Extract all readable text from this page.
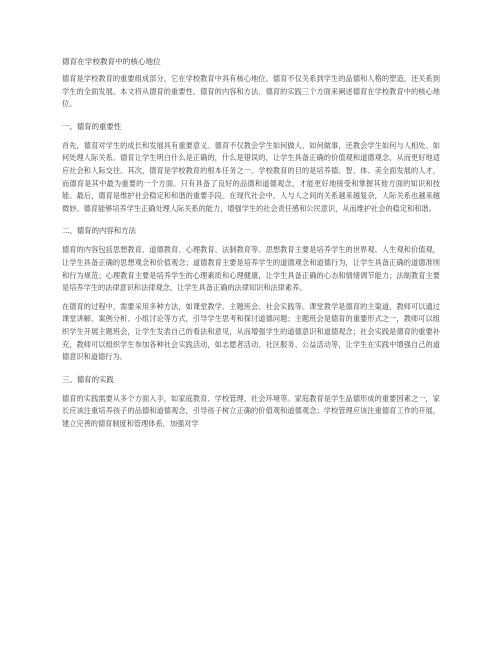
德育在学校教育中的核心地位
德育是学校教育的重要组成部分，它在学校教育中具有核心地位。德育不仅关系到学生的品德和人格的塑造，还关系到学生的全面发展。本文将从德育的重要性、德育的内容和方法、德育的实践三个方面来阐述德育在学校教育中的核心地位。
一、德育的重要性
首先，德育对学生的成长和发展具有重要意义。德育不仅教会学生如何做人、如何做事，还教会学生如何与人相处、如何处理人际关系。德育让学生明白什么是正确的，什么是错误的，让学生具备正确的价值观和道德观念，从而更好地适应社会和人际交往。其次，德育是学校教育的根本任务之一。学校教育的目的是培养德、智、体、美全面发展的人才，而德育是其中最为重要的一个方面。只有具备了良好的品德和道德观念，才能更好地接受和掌握其他方面的知识和技能。最后，德育是维护社会稳定和和谐的重要手段。在现代社会中，人与人之间的关系越来越复杂，人际关系也越来越微妙。德育能够培养学生正确处理人际关系的能力，增强学生的社会责任感和公民意识，从而维护社会的稳定和和谐。
二、德育的内容和方法
德育的内容包括思想教育、道德教育、心理教育、法制教育等。思想教育主要是培养学生的世界观、人生观和价值观，让学生具备正确的思想观念和价值观念；道德教育主要是培养学生的道德观念和道德行为，让学生具备正确的道德准则和行为规范；心理教育主要是培养学生的心理素质和心理健康，让学生具备正确的心态和情绪调节能力；法制教育主要是培养学生的法律意识和法律观念，让学生具备正确的法律知识和法律素养。
在德育的过程中，需要采用多种方法，如课堂教学、主题班会、社会实践等。课堂教学是德育的主渠道，教师可以通过课堂讲解、案例分析、小组讨论等方式，引导学生思考和探讨道德问题；主题班会是德育的重要形式之一，教师可以组织学生开展主题班会，让学生发表自己的看法和意见，从而增强学生的道德意识和道德观念；社会实践是德育的重要补充，教师可以组织学生参加各种社会实践活动，如志愿者活动、社区服务、公益活动等，让学生在实践中增强自己的道德意识和道德行为。
三、德育的实践
德育的实践需要从多个方面入手，如家庭教育、学校管理、社会环境等。家庭教育是学生品德形成的重要因素之一，家长应该注重培养孩子的品德和道德观念，引导孩子树立正确的价值观和道德观念；学校管理应该注重德育工作的开展，建立完善的德育制度和管理体系，加强对学
